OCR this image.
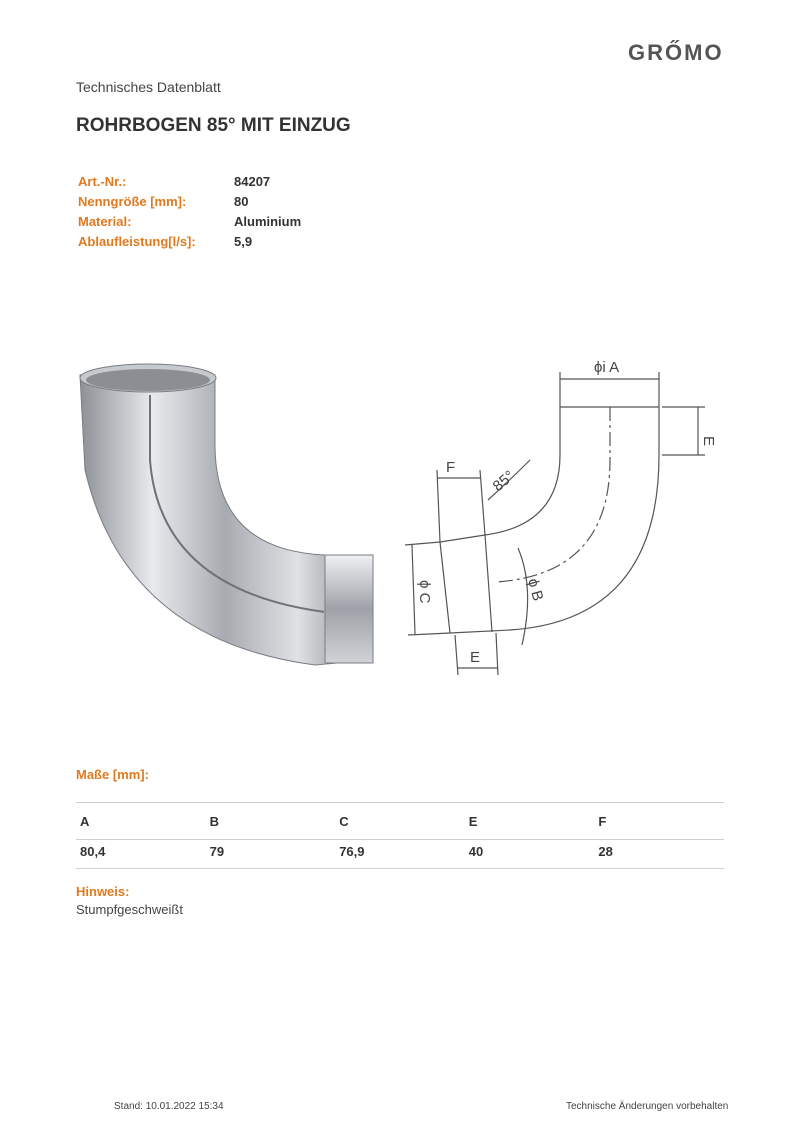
GRŐMO
Technisches Datenblatt
ROHRBOGEN 85° MIT EINZUG
Art.-Nr.:	84207
Nenngröße [mm]:	80
Material:	Aluminium
Ablaufleistung[l/s]:	5,9
ϕi A
E
F 85°
ϕ C	ϕ B
E
Maße [mm]:
A	B	C	E	F
80,4	79	76,9	40	28
Hinweis:
Stumpfgeschweißt
Stand: 10.01.2022 15:34	Technische Änderungen vorbehalten
